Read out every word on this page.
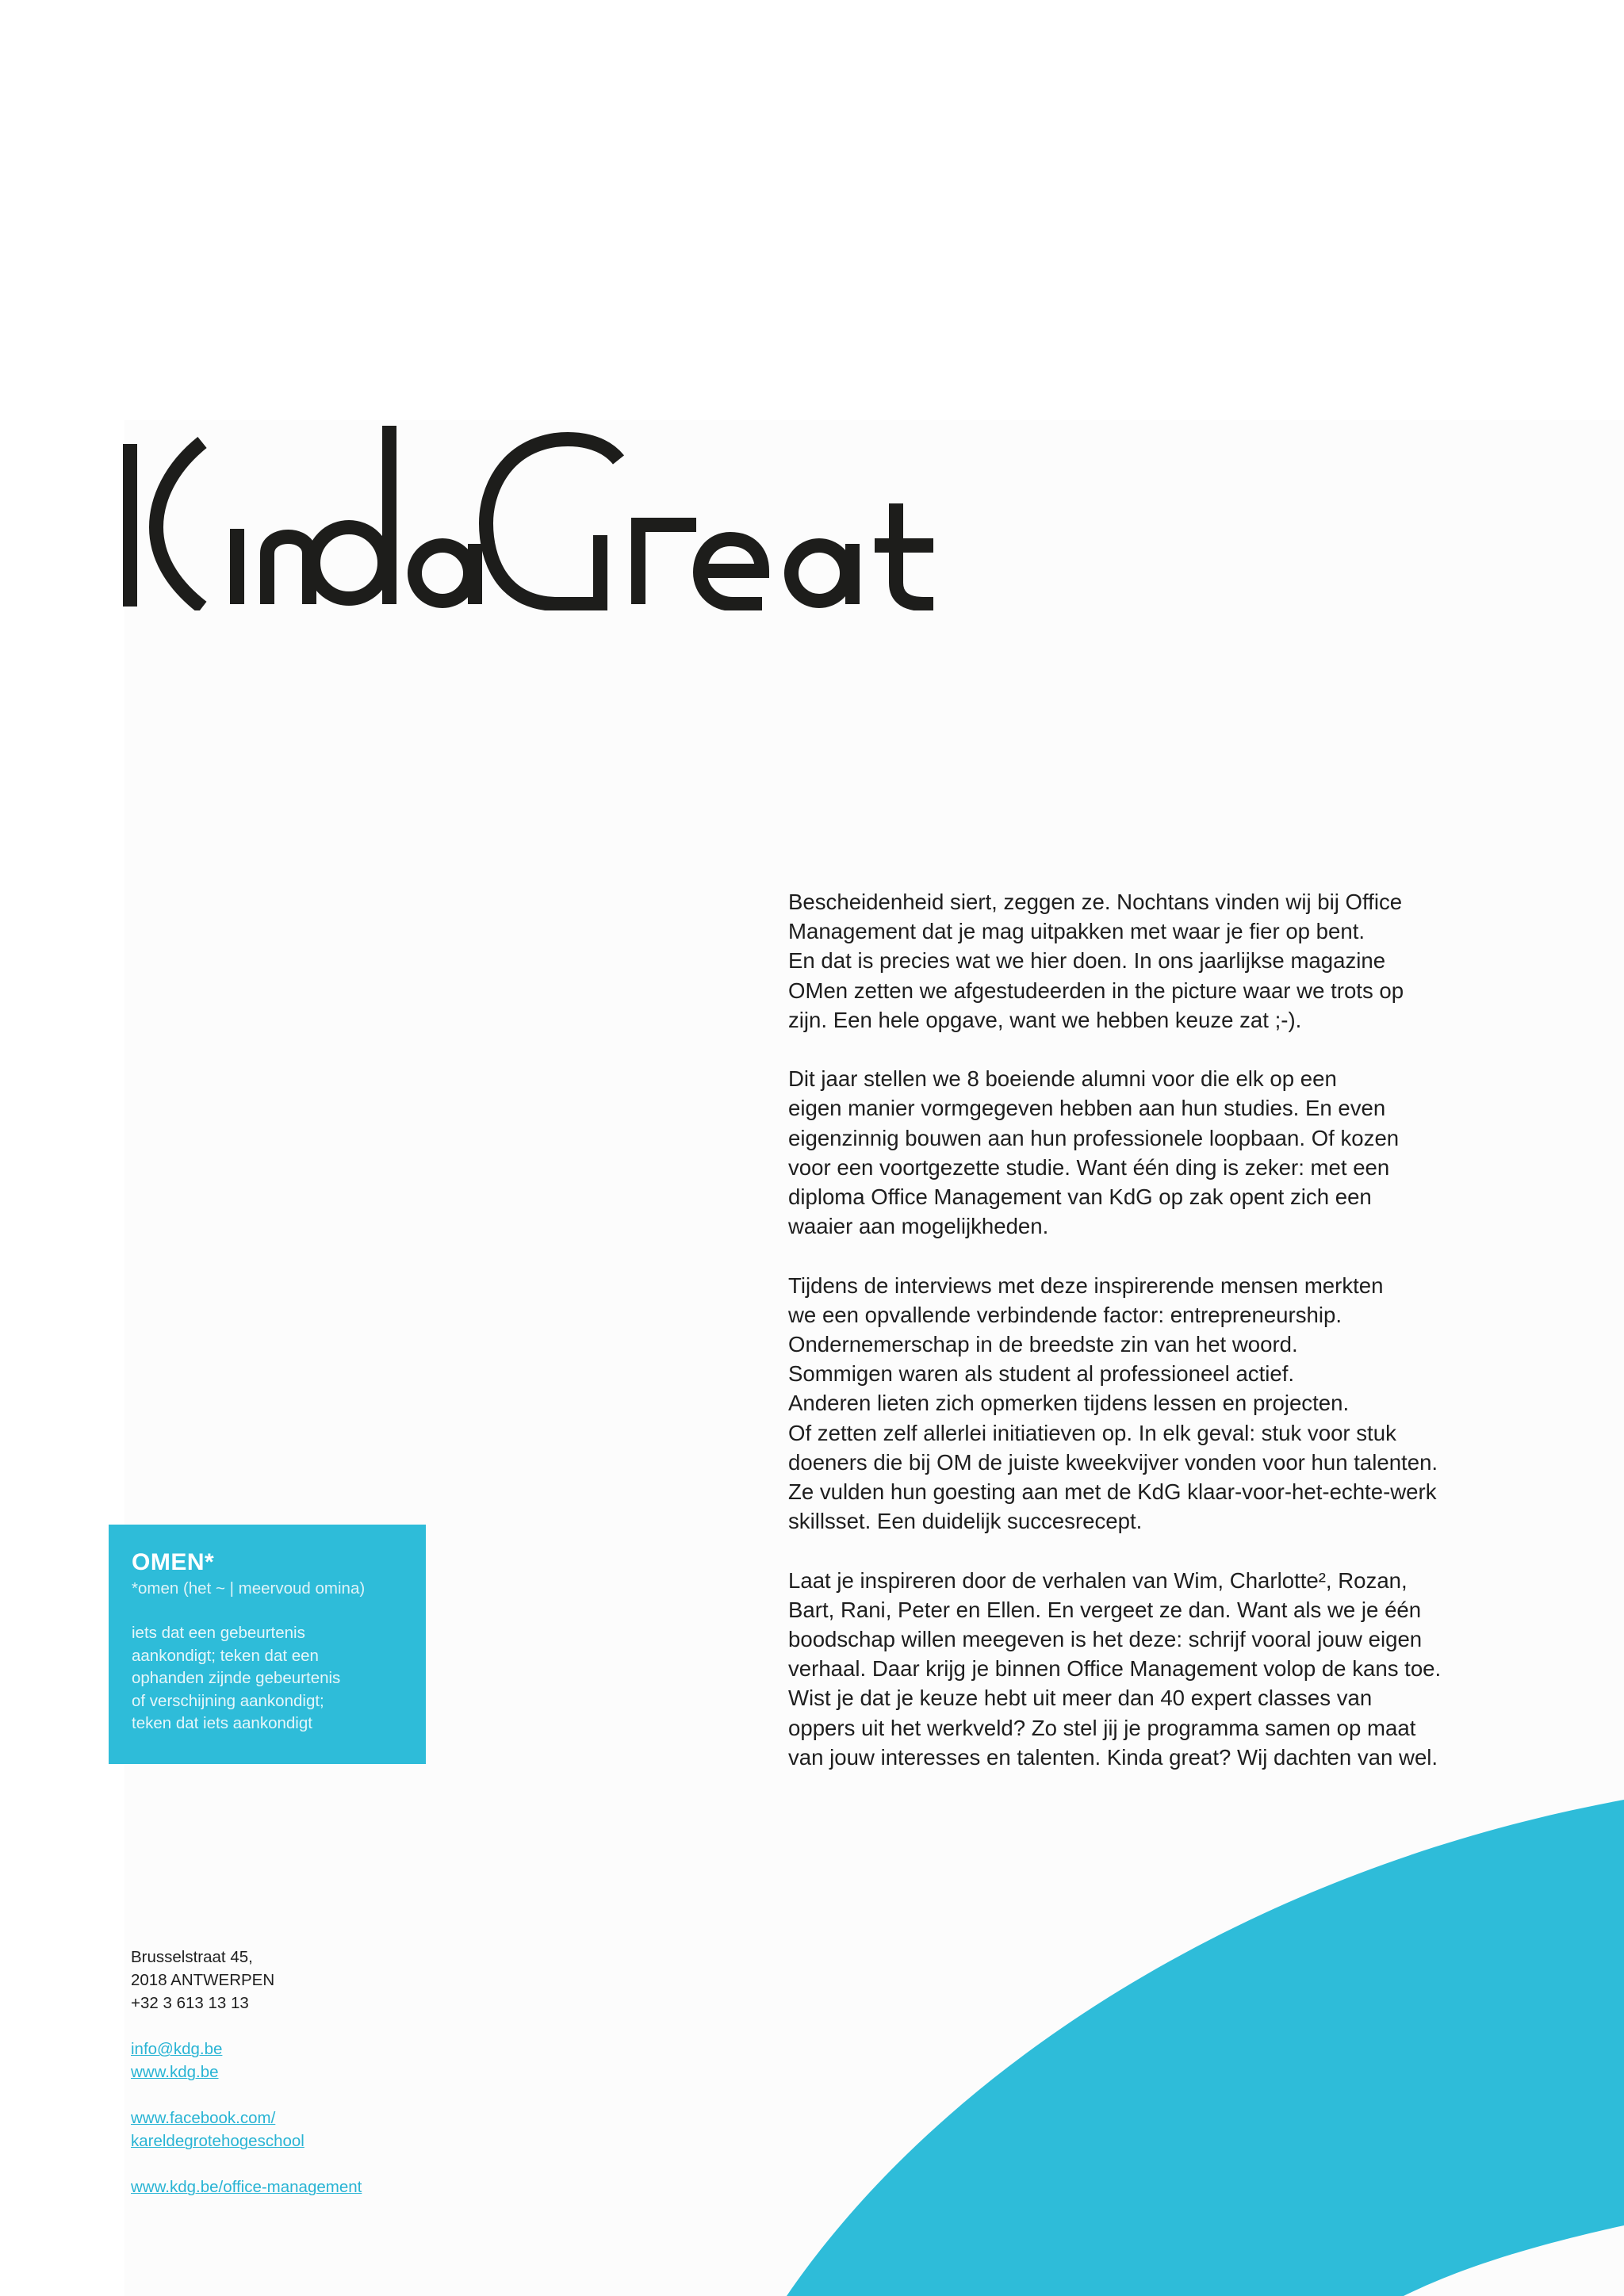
Bescheidenheid siert, zeggen ze. Nochtans vinden wij bij Office
Management dat je mag uitpakken met waar je fier op bent.
En dat is precies wat we hier doen. In ons jaarlijkse magazine
OMen zetten we afgestudeerden in the picture waar we trots op
zijn. Een hele opgave, want we hebben keuze zat ;-).

Dit jaar stellen we 8 boeiende alumni voor die elk op een
eigen manier vormgegeven hebben aan hun studies. En even
eigenzinnig bouwen aan hun professionele loopbaan. Of kozen
voor een voortgezette studie. Want één ding is zeker: met een
diploma Office Management van KdG op zak opent zich een
waaier aan mogelijkheden.

Tijdens de interviews met deze inspirerende mensen merkten
we een opvallende verbindende factor: entrepreneurship.
Ondernemerschap in de breedste zin van het woord.
Sommigen waren als student al professioneel actief.
Anderen lieten zich opmerken tijdens lessen en projecten.
Of zetten zelf allerlei initiatieven op. In elk geval: stuk voor stuk
doeners die bij OM de juiste kweekvijver vonden voor hun talenten.
Ze vulden hun goesting aan met de KdG klaar-voor-het-echte-werk
skillsset. Een duidelijk succesrecept.

Laat je inspireren door de verhalen van Wim, Charlotte², Rozan,
Bart, Rani, Peter en Ellen. En vergeet ze dan. Want als we je één
boodschap willen meegeven is het deze: schrijf vooral jouw eigen
verhaal. Daar krijg je binnen Office Management volop de kans toe.
Wist je dat je keuze hebt uit meer dan 40 expert classes van
oppers uit het werkveld? Zo stel jij je programma samen op maat
van jouw interesses en talenten. Kinda great? Wij dachten van wel.

OMEN*
*omen (het ~ | meervoud omina)
iets dat een gebeurtenis
aankondigt; teken dat een
ophanden zijnde gebeurtenis
of verschijning aankondigt;
teken dat iets aankondigt
Brusselstraat 45,
2018 ANTWERPEN
+32 3 613 13 13
info@kdg.be
www.kdg.be
www.facebook.com/
kareldegrotehogeschool
www.kdg.be/office-management
